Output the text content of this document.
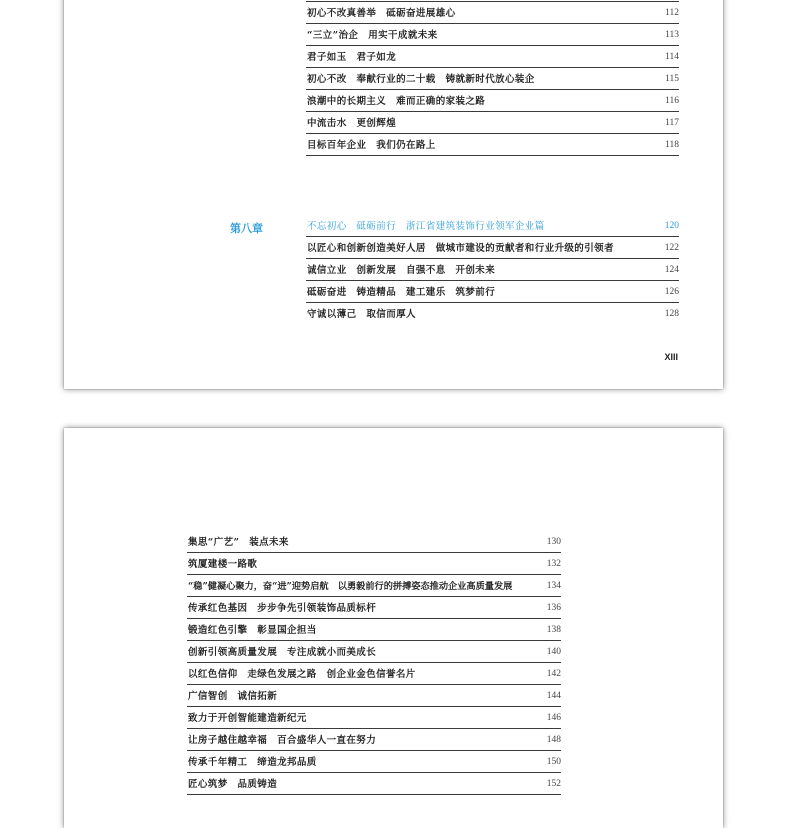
初心不改真善举　砥砺奋进展雄心	112
“三立”治企　用实干成就未来	113
君子如玉　君子如龙	114
初心不改　奉献行业的二十载　铸就新时代放心装企	115
浪潮中的长期主义　难而正确的家装之路	116
中流击水　更创辉煌	117
目标百年企业　我们仍在路上	118
第八章	不忘初心　砥砺前行　浙江省建筑装饰行业领军企业篇	120
以匠心和创新创造美好人居　做城市建设的贡献者和行业升级的引领者	122
诚信立业　创新发展　自强不息　开创未来	124
砥砺奋进　铸造精品　建工建乐　筑梦前行	126
守诚以薄己　取信而厚人	128
XIII
集思“广艺”　装点未来	130
筑厦建楼一路歌	132
“稳”健凝心聚力，奋“进”迎势启航　以勇毅前行的拼搏姿态推动企业高质量发展	134
传承红色基因　步步争先引领装饰品质标杆	136
锻造红色引擎　彰显国企担当	138
创新引领高质量发展　专注成就小而美成长	140
以红色信仰　走绿色发展之路　创企业金色信誉名片	142
广信智创　诚信拓新	144
致力于开创智能建造新纪元	146
让房子越住越幸福　百合盛华人一直在努力	148
传承千年精工　缔造龙邦品质	150
匠心筑梦　品质铸造	152
